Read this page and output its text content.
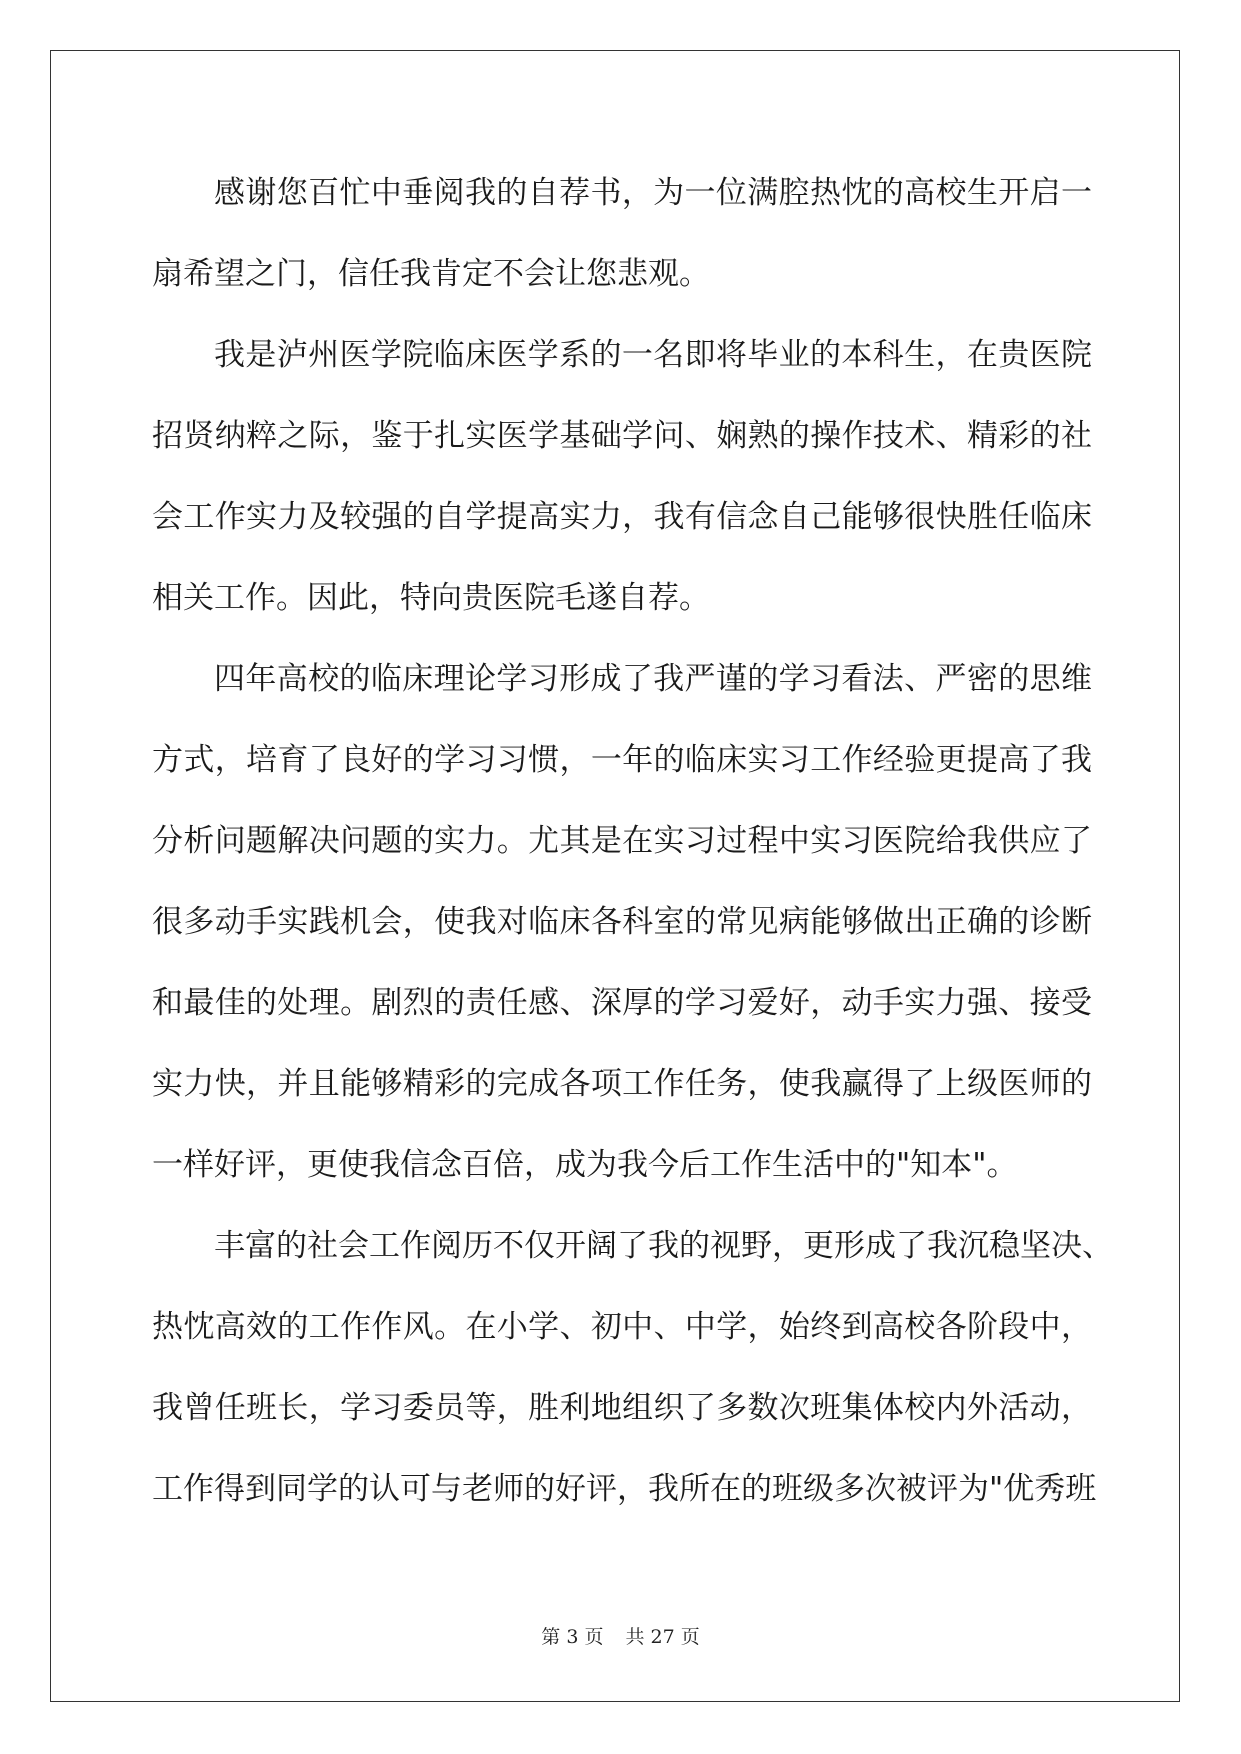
感谢您百忙中垂阅我的自荐书，为一位满腔热忱的高校生开启一
扇希望之门，信任我肯定不会让您悲观。
我是泸州医学院临床医学系的一名即将毕业的本科生，在贵医院
招贤纳粹之际，鉴于扎实医学基础学问、娴熟的操作技术、精彩的社
会工作实力及较强的自学提高实力，我有信念自己能够很快胜任临床
相关工作。因此，特向贵医院毛遂自荐。
四年高校的临床理论学习形成了我严谨的学习看法、严密的思维
方式，培育了良好的学习习惯，一年的临床实习工作经验更提高了我
分析问题解决问题的实力。尤其是在实习过程中实习医院给我供应了
很多动手实践机会，使我对临床各科室的常见病能够做出正确的诊断
和最佳的处理。剧烈的责任感、深厚的学习爱好，动手实力强、接受
实力快，并且能够精彩的完成各项工作任务，使我赢得了上级医师的
一样好评，更使我信念百倍，成为我今后工作生活中的"知本"。
丰富的社会工作阅历不仅开阔了我的视野，更形成了我沉稳坚决、
热忱高效的工作作风。在小学、初中、中学，始终到高校各阶段中，
我曾任班长，学习委员等，胜利地组织了多数次班集体校内外活动，
工作得到同学的认可与老师的好评，我所在的班级多次被评为"优秀班
第 3 页 共 27 页
